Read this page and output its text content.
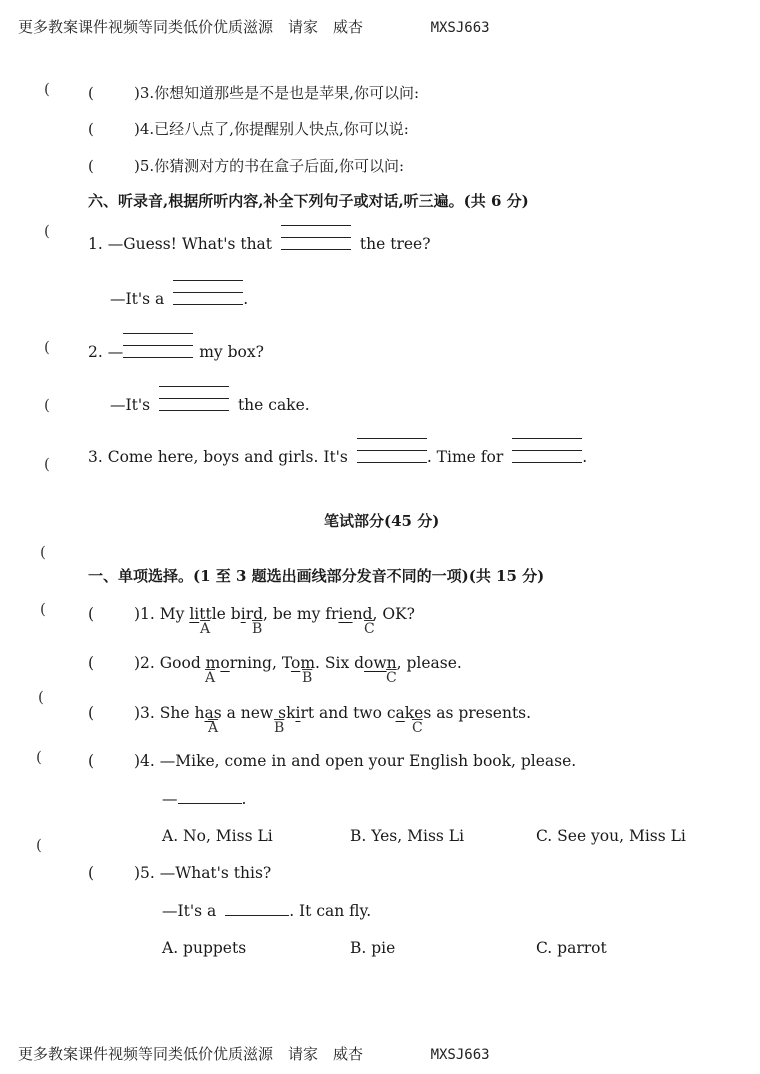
更多教案课件视频等同类低价优质滋源　请家　威杏	MXSJ663
(
(
(
(
(
(
(
(
(
(	(	)3.你想知道那些是不是也是苹果,你可以问:
(	)4.已经八点了,你提醒别人快点,你可以说:
(	)5.你猜测对方的书在盒子后面,你可以问:
六、听录音,根据所听内容,补全下列句子或对话,听三遍。(共 6 分)
1. —Guess! What's that	the tree?
—It's a	.
2. —	my box?
—It's	the cake.
3. Come here, boys and girls. It's	. Time for	.
笔试部分(45 分)
一、单项选择。(1 至 3 题选出画线部分发音不同的一项)(共 15 分)
(	)1. My little bird, be my friend, OK?
$\overline{A}$	$\overline{B}$	$\overline{C}$
(	)2. Good morning, Tom. Six down, please.
$\overline{A}$	$\overline{B}$	$\overline{C}$
(	)3. She has a new skirt and two cakes as presents.
$\overline{A}$	$\overline{B}$	$\overline{C}$
(	)4. —Mike, come in and open your English book, please.
—	.
A. No, Miss Li	B. Yes, Miss Li	C. See you, Miss Li
(	)5. —What's this?
—It's a	. It can fly.
A. puppets	B. pie	C. parrot
更多教案课件视频等同类低价优质滋源　请家　威杏	MXSJ663
